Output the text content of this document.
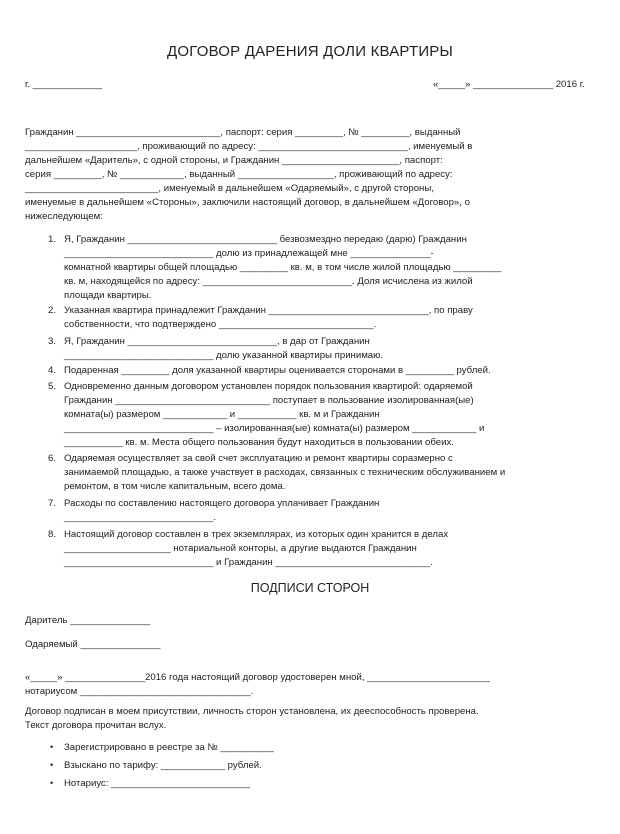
ДОГОВОР ДАРЕНИЯ ДОЛИ КВАРТИРЫ
г. _____________	«_____» _______________ 2016 г.
Гражданин ___________________________, паспорт: серия _________, № _________, выданный
_____________________, проживающий по адресу: ____________________________, именуемый в
дальнейшем «Даритель», с одной стороны, и Гражданин ______________________, паспорт:
серия _________, № ____________, выданный __________________, проживающий по адресу:
_________________________, именуемый в дальнейшем «Одаряемый», с другой стороны,
именуемые в дальнейшем «Стороны», заключили настоящий договор, в дальнейшем «Договор», о
нижеследующем:
1. Я, Гражданин ____________________________ безвозмездно передаю (дарю) Гражданин
____________________________ долю из принадлежащей мне _______________-
комнатной квартиры общей площадью _________ кв. м, в том числе жилой площадью _________
кв. м, находящейся по адресу: ____________________________. Доля исчислена из жилой
площади квартиры.
2. Указанная квартира принадлежит Гражданин ______________________________, по праву
собственности, что подтверждено _____________________________.
3. Я, Гражданин ____________________________, в дар от Гражданин
____________________________ долю указанной квартиры принимаю.
4. Подаренная _________ доля указанной квартиры оценивается сторонами в _________ рублей.
5. Одновременно данным договором установлен порядок пользования квартирой: одаряемой
Гражданин _____________________________ поступает в пользование изолированная(ые)
комната(ы) размером ____________ и ___________ кв. м и Гражданин
____________________________ – изолированная(ые) комната(ы) размером ____________ и
___________ кв. м. Места общего пользования будут находиться в пользовании обеих.
6. Одаряемая осуществляет за свой счет эксплуатацию и ремонт квартиры соразмерно с
занимаемой площадью, а также участвует в расходах, связанных с техническим обслуживанием и
ремонтом, в том числе капитальным, всего дома.
7. Расходы по составлению настоящего договора уплачивает Гражданин
____________________________.
8. Настоящий договор составлен в трех экземплярах, из которых один хранится в делах
____________________ нотариальной конторы, а другие выдаются Гражданин
____________________________ и Гражданин _____________________________.
ПОДПИСИ СТОРОН
Даритель _______________
Одаряемый _______________
«_____» _______________2016 года настоящий договор удостоверен мной, _______________________
нотариусом ________________________________.
Договор подписан в моем присутствии, личность сторон установлена, их дееспособность проверена.
Текст договора прочитан вслух.
• Зарегистрировано в реестре за № __________
• Взыскано по тарифу: ____________ рублей.
• Нотариус: __________________________
